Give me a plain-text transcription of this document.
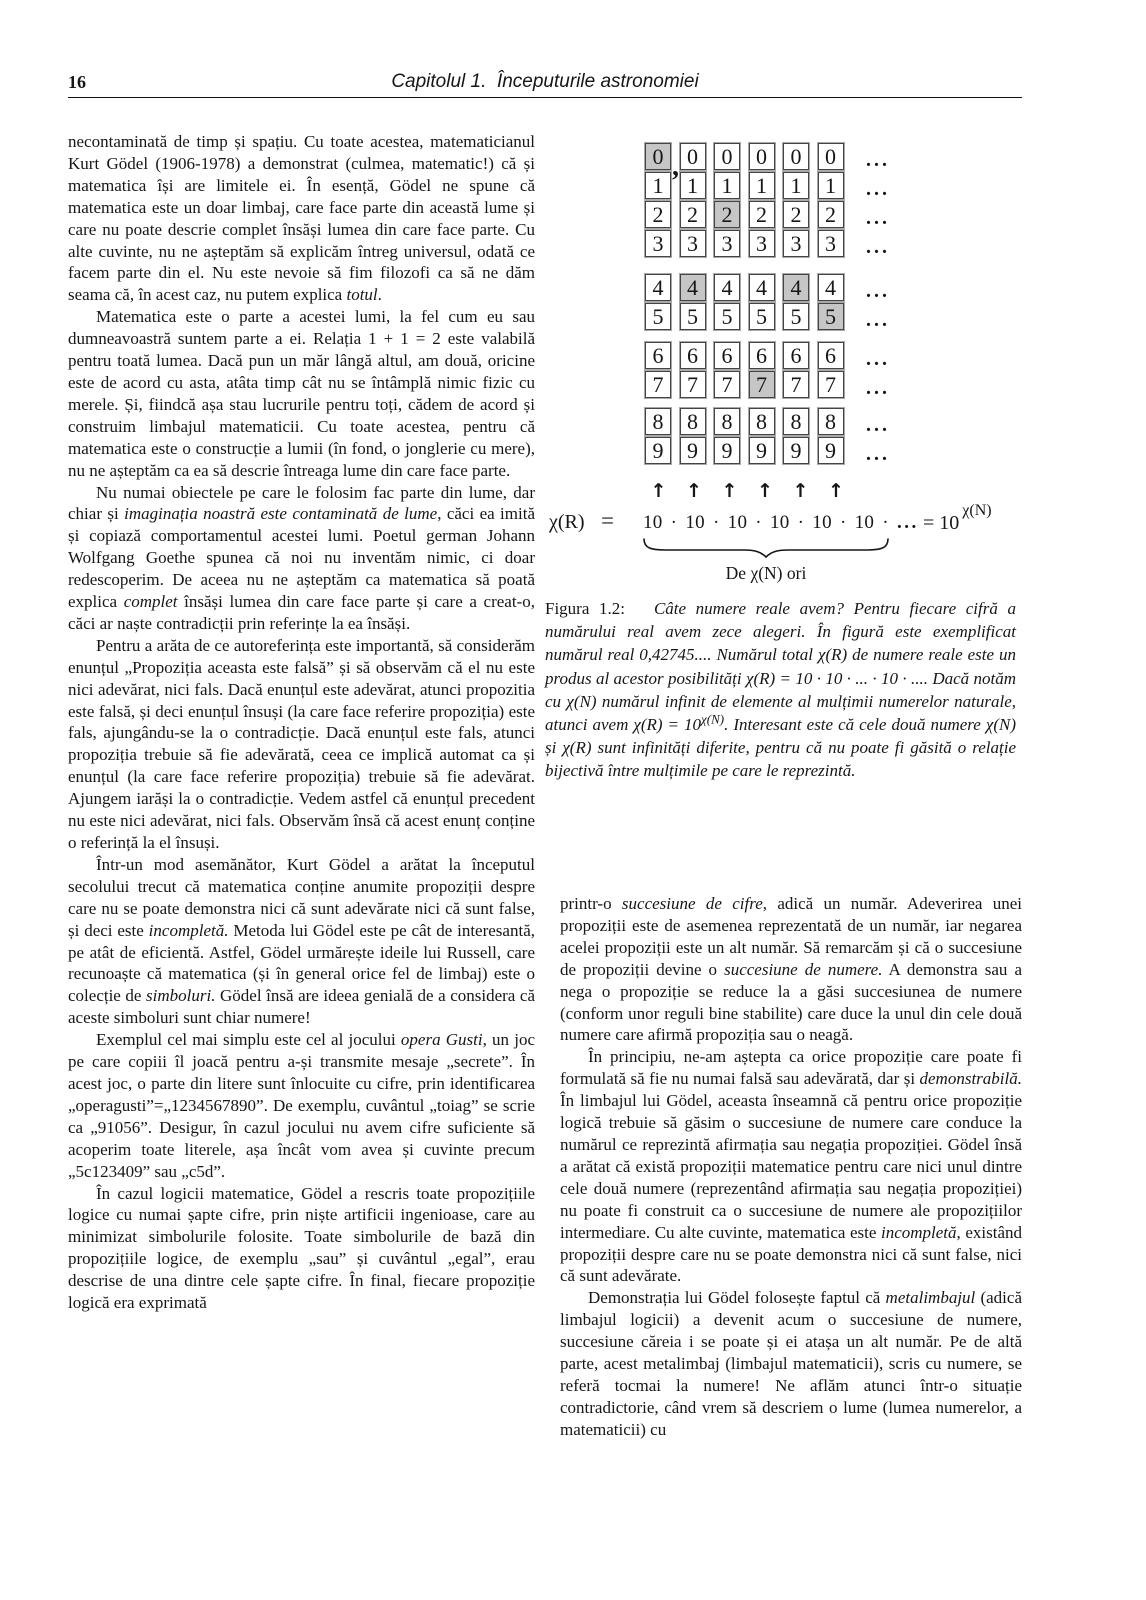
16	Capitolul 1.  Începuturile astronomiei

necontaminată de timp și spațiu. Cu toate acestea, matematicianul Kurt Gödel (1906-1978) a demonstrat (culmea, matematic!) că și matematica își are limitele ei. În esență, Gödel ne spune că matematica este un doar limbaj, care face parte din această lume și care nu poate descrie complet însăși lumea din care face parte. Cu alte cuvinte, nu ne așteptăm să explicăm întreg universul, odată ce facem parte din el. Nu este nevoie să fim filozofi ca să ne dăm seama că, în acest caz, nu putem explica totul.

Matematica este o parte a acestei lumi, la fel cum eu sau dumneavoastră suntem parte a ei. Relația 1 + 1 = 2 este valabilă pentru toată lumea. Dacă pun un măr lângă altul, am două, oricine este de acord cu asta, atâta timp cât nu se întâmplă nimic fizic cu merele. Și, fiindcă așa stau lucrurile pentru toți, cădem de acord și construim limbajul matematicii. Cu toate acestea, pentru că matematica este o construcție a lumii (în fond, o jonglerie cu mere), nu ne așteptăm ca ea să descrie întreaga lume din care face parte.

Nu numai obiectele pe care le folosim fac parte din lume, dar chiar și imaginația noastră este contaminată de lume, căci ea imită și copiază comportamentul acestei lumi. Poetul german Johann Wolfgang Goethe spunea că noi nu inventăm nimic, ci doar redescoperim. De aceea nu ne așteptăm ca matematica să poată explica complet însăși lumea din care face parte și care a creat-o, căci ar naște contradicții prin referințe la ea însăși.

Pentru a arăta de ce autoreferința este importantă, să considerăm enunțul „Propoziția aceasta este falsă” și să observăm că el nu este nici adevărat, nici fals. Dacă enunțul este adevărat, atunci propozitia este falsă, și deci enunțul însuși (la care face referire propoziția) este fals, ajungându-se la o contradicție. Dacă enunțul este fals, atunci propoziția trebuie să fie adevărată, ceea ce implică automat ca și enunțul (la care face referire propoziția) trebuie să fie adevărat. Ajungem iarăși la o contradicție. Vedem astfel că enunțul precedent nu este nici adevărat, nici fals. Observăm însă că acest enunț conține o referință la el însuși.

Într-un mod asemănător, Kurt Gödel a arătat la începutul secolului trecut că matematica conține anumite propoziții despre care nu se poate demonstra nici că sunt adevărate nici că sunt false, și deci este incompletă. Metoda lui Gödel este pe cât de interesantă, pe atât de eficientă. Astfel, Gödel urmărește ideile lui Russell, care recunoaște că matematica (și în general orice fel de limbaj) este o colecție de simboluri. Gödel însă are ideea genială de a considera că aceste simboluri sunt chiar numere!

Exemplul cel mai simplu este cel al jocului opera Gusti, un joc pe care copiii îl joacă pentru a-și transmite mesaje „secrete”. În acest joc, o parte din litere sunt înlocuite cu cifre, prin identificarea „operagusti”=„1234567890”. De exemplu, cuvântul „toiag” se scrie ca „91056”. Desigur, în cazul jocului nu avem cifre suficiente să acoperim toate literele, așa încât vom avea și cuvinte precum „5c123409” sau „c5d”.

În cazul logicii matematice, Gödel a rescris toate propozițiile logice cu numai șapte cifre, prin niște artificii ingenioase, care au minimizat simbolurile folosite. Toate simbolurile de bază din propozițiile logice, de exemplu „sau” și cuvântul „egal”, erau descrise de una dintre cele șapte cifre. În final, fiecare propoziție logică era exprimată

0	0	0	0	0	0	...
1	1	1	1	1	1	...
2	2	2	2	2	2	...
3	3	3	3	3	3	...
4	4	4	4	4	4	...
5	5	5	5	5	5	...
6	6	6	6	6	6	...
7	7	7	7	7	7	...
8	8	8	8	8	8	...
9	9	9	9	9	9	...
,
↑ ↑ ↑ ↑ ↑ ↑
χ(R) = 10 · 10 · 10 · 10 · 10 · 10 · ... = $10^{\chi(N)}$
De χ(N) ori

Figura 1.2:   Câte numere reale avem? Pentru fiecare cifră a numărului real avem zece alegeri. În figură este exemplificat numărul real 0,42745.... Numărul total χ(R) de numere reale este un produs al acestor posibilități χ(R) = 10 · 10 · ... · 10 · .... Dacă notăm cu χ(N) numărul infinit de elemente al mulțimii numerelor naturale, atunci avem $\chi(R) = 10^{\chi(N)}$. Interesant este că cele două numere χ(N) și χ(R) sunt infinități diferite, pentru că nu poate fi găsită o relație bijectivă între mulțimile pe care le reprezintă.

printr-o succesiune de cifre, adică un număr. Adeverirea unei propoziții este de asemenea reprezentată de un număr, iar negarea acelei propoziții este un alt număr. Să remarcăm și că o succesiune de propoziții devine o succesiune de numere. A demonstra sau a nega o propoziție se reduce la a găsi succesiunea de numere (conform unor reguli bine stabilite) care duce la unul din cele două numere care afirmă propoziția sau o neagă.

În principiu, ne-am aștepta ca orice propoziție care poate fi formulată să fie nu numai falsă sau adevărată, dar și demonstrabilă. În limbajul lui Gödel, aceasta înseamnă că pentru orice propoziție logică trebuie să găsim o succesiune de numere care conduce la numărul ce reprezintă afirmația sau negația propoziției. Gödel însă a arătat că există propoziții matematice pentru care nici unul dintre cele două numere (reprezentând afirmația sau negația propoziției) nu poate fi construit ca o succesiune de numere ale propozițiilor intermediare. Cu alte cuvinte, matematica este incompletă, existând propoziții despre care nu se poate demonstra nici că sunt false, nici că sunt adevărate.

Demonstrația lui Gödel folosește faptul că metalimbajul (adică limbajul logicii) a devenit acum o succesiune de numere, succesiune căreia i se poate și ei atașa un alt număr. Pe de altă parte, acest metalimbaj (limbajul matematicii), scris cu numere, se referă tocmai la numere! Ne aflăm atunci într-o situație contradictorie, când vrem să descriem o lume (lumea numerelor, a matematicii) cu
